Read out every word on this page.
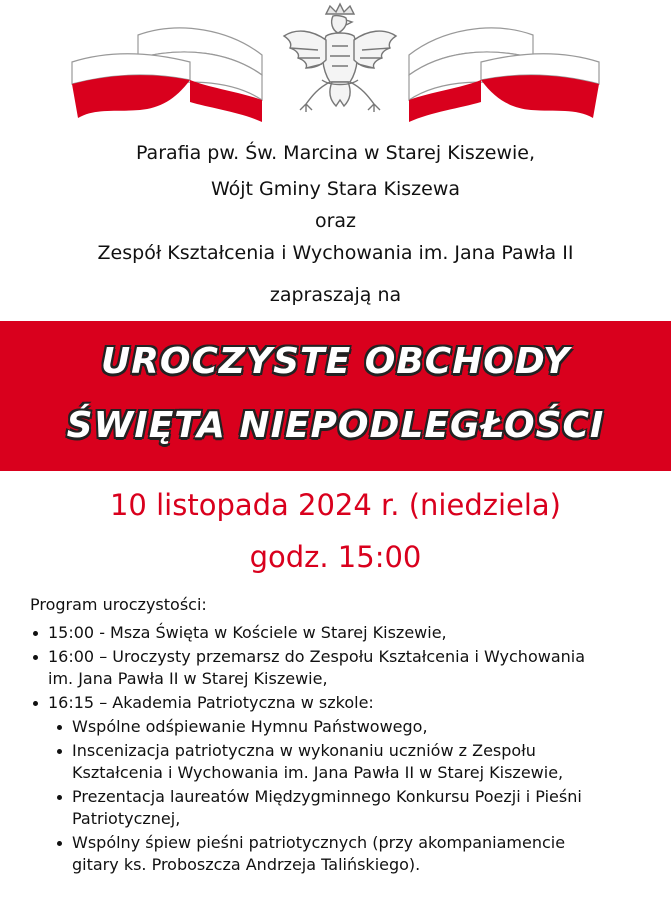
Parafia pw. Św. Marcina w Starej Kiszewie,
Wójt Gminy Stara Kiszewa
oraz
Zespół Kształcenia i Wychowania im. Jana Pawła II
zapraszają na
UROCZYSTE OBCHODY
ŚWIĘTA NIEPODLEGŁOŚCI
10 listopada 2024 r. (niedziela)
godz. 15:00
Program uroczystości:
15:00 - Msza Święta w Kościele w Starej Kiszewie,
16:00 – Uroczysty przemarsz do Zespołu Kształcenia i Wychowania
im. Jana Pawła II w Starej Kiszewie,
16:15 – Akademia Patriotyczna w szkole:
Wspólne odśpiewanie Hymnu Państwowego,
Inscenizacja patriotyczna w wykonaniu uczniów z Zespołu
Kształcenia i Wychowania im. Jana Pawła II w Starej Kiszewie,
Prezentacja laureatów Międzygminnego Konkursu Poezji i Pieśni
Patriotycznej,
Wspólny śpiew pieśni patriotycznych (przy akompaniamencie
gitary ks. Proboszcza Andrzeja Talińskiego).
